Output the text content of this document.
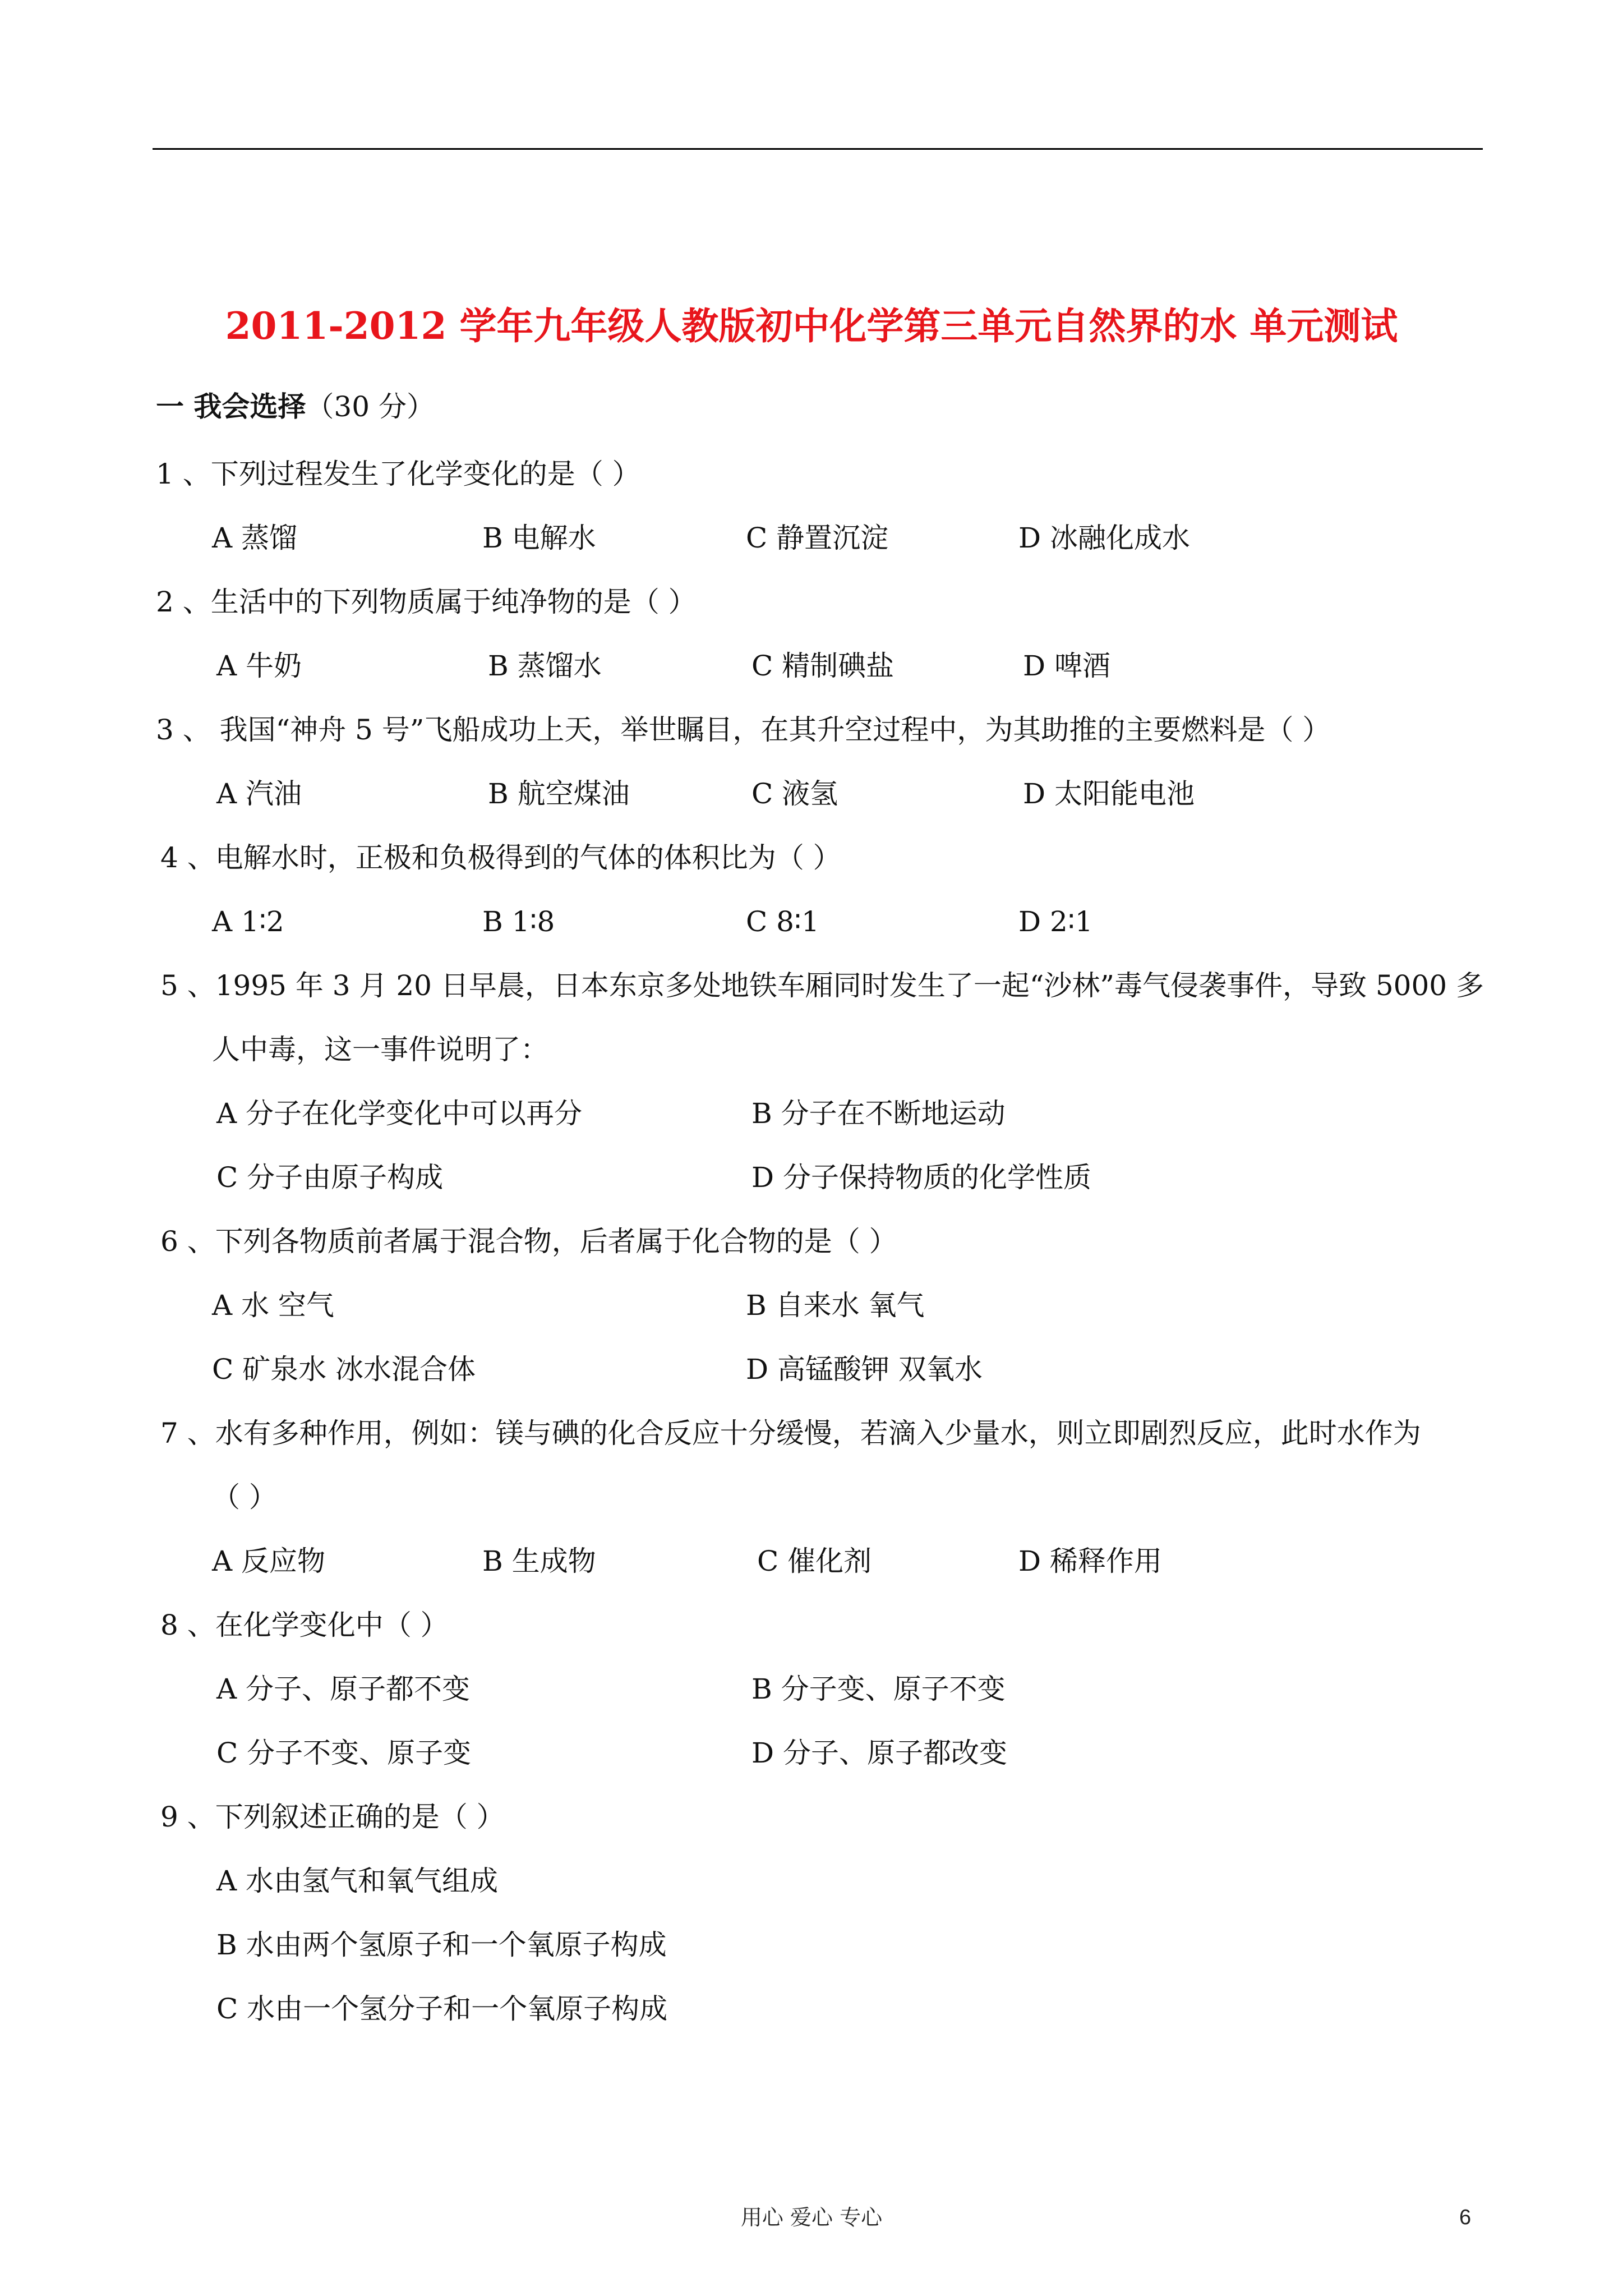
2011-2012 学年九年级人教版初中化学第三单元自然界的水 单元测试
一 我会选择（30 分）
1 、下列过程发生了化学变化的是（ ）
A 蒸馏	B 电解水	C 静置沉淀	D 冰融化成水
2 、生活中的下列物质属于纯净物的是（ ）
A 牛奶	B 蒸馏水	C 精制碘盐	D 啤酒
3 、 我国“神舟 5 号”飞船成功上天，举世瞩目，在其升空过程中，为其助推的主要燃料是（ ）
A 汽油	B 航空煤油	C 液氢	D 太阳能电池
4 、电解水时，正极和负极得到的气体的体积比为（ ）
A 1∶2	B 1∶8	C 8∶1	D 2∶1
5 、1995 年 3 月 20 日早晨，日本东京多处地铁车厢同时发生了一起“沙林”毒气侵袭事件，导致 5000 多
人中毒，这一事件说明了：
A 分子在化学变化中可以再分	B 分子在不断地运动
C 分子由原子构成	D 分子保持物质的化学性质
6 、下列各物质前者属于混合物，后者属于化合物的是（ ）
A 水 空气	B 自来水 氧气
C 矿泉水 冰水混合体	D 高锰酸钾 双氧水
7 、水有多种作用，例如：镁与碘的化合反应十分缓慢，若滴入少量水，则立即剧烈反应，此时水作为
（ ）
A 反应物	B 生成物	C 催化剂	D 稀释作用
8 、在化学变化中（ ）
A 分子、原子都不变	B 分子变、原子不变
C 分子不变、原子变	D 分子、原子都改变
9 、下列叙述正确的是（ ）
A 水由氢气和氧气组成
B 水由两个氢原子和一个氧原子构成
C 水由一个氢分子和一个氧原子构成
用心 爱心 专心	6
